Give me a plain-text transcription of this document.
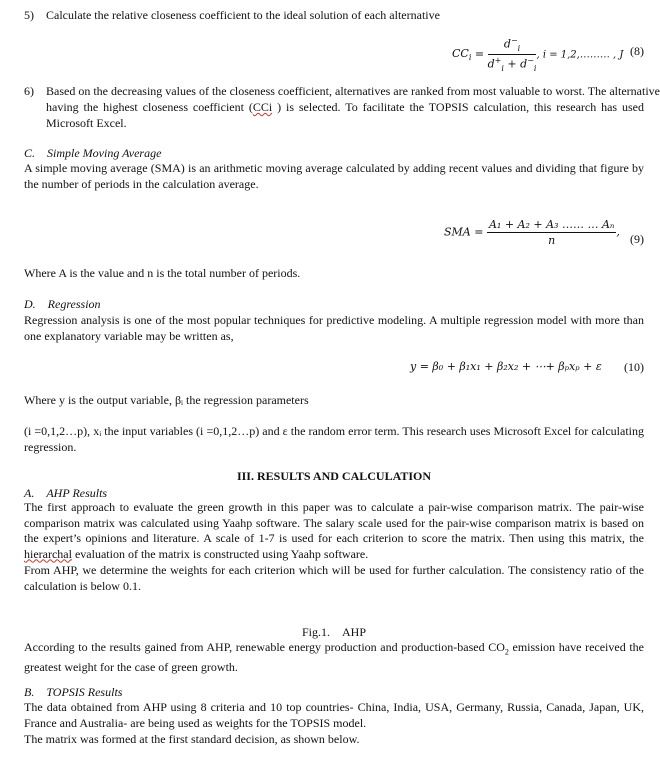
5) Calculate the relative closeness coefficient to the ideal solution of each alternative
$CC_i = \frac{d^-_i}{d^+_i + d^-_i}$ , i = 1,2,……… , J (8)
6) Based on the decreasing values of the closeness coefficient, alternatives are ranked from most valuable to worst. The alternative
having the highest closeness coefficient (CCi ) is selected. To facilitate the TOPSIS calculation, this research has used
Microsoft Excel.
C. Simple Moving Average
A simple moving average (SMA) is an arithmetic moving average calculated by adding recent values and dividing that figure by the number of periods in the calculation average.
SMA = $\frac{\text{A₁ + A₂ + A₃ …… … Aₙ}}{n}$ , (9)
Where A is the value and n is the total number of periods.
D. Regression
Regression analysis is one of the most popular techniques for predictive modeling. A multiple regression model with more than one explanatory variable may be written as,
y = β₀ + β₁x₁ + β₂x₂ + ⋯+ βₚxₚ + ε (10)
Where y is the output variable, βᵢ the regression parameters
(i =0,1,2…p), xᵢ the input variables (i =0,1,2…p) and ε the random error term. This research uses Microsoft Excel for calculating regression.
III. RESULTS AND CALCULATION
A. AHP Results
The first approach to evaluate the green growth in this paper was to calculate a pair-wise comparison matrix. The pair-wise comparison matrix was calculated using Yaahp software. The salary scale used for the pair-wise comparison matrix is based on the expert’s opinions and literature. A scale of 1-7 is used for each criterion to score the matrix. Then using this matrix, the hierarchal evaluation of the matrix is constructed using Yaahp software.
From AHP, we determine the weights for each criterion which will be used for further calculation. The consistency ratio of the calculation is below 0.1.
Fig.1. AHP
According to the results gained from AHP, renewable energy production and production-based $CO_2$ emission have received the greatest weight for the case of green growth.
B. TOPSIS Results
The data obtained from AHP using 8 criteria and 10 top countries- China, India, USA, Germany, Russia, Canada, Japan, UK, France and Australia- are being used as weights for the TOPSIS model.
The matrix was formed at the first standard decision, as shown below.
